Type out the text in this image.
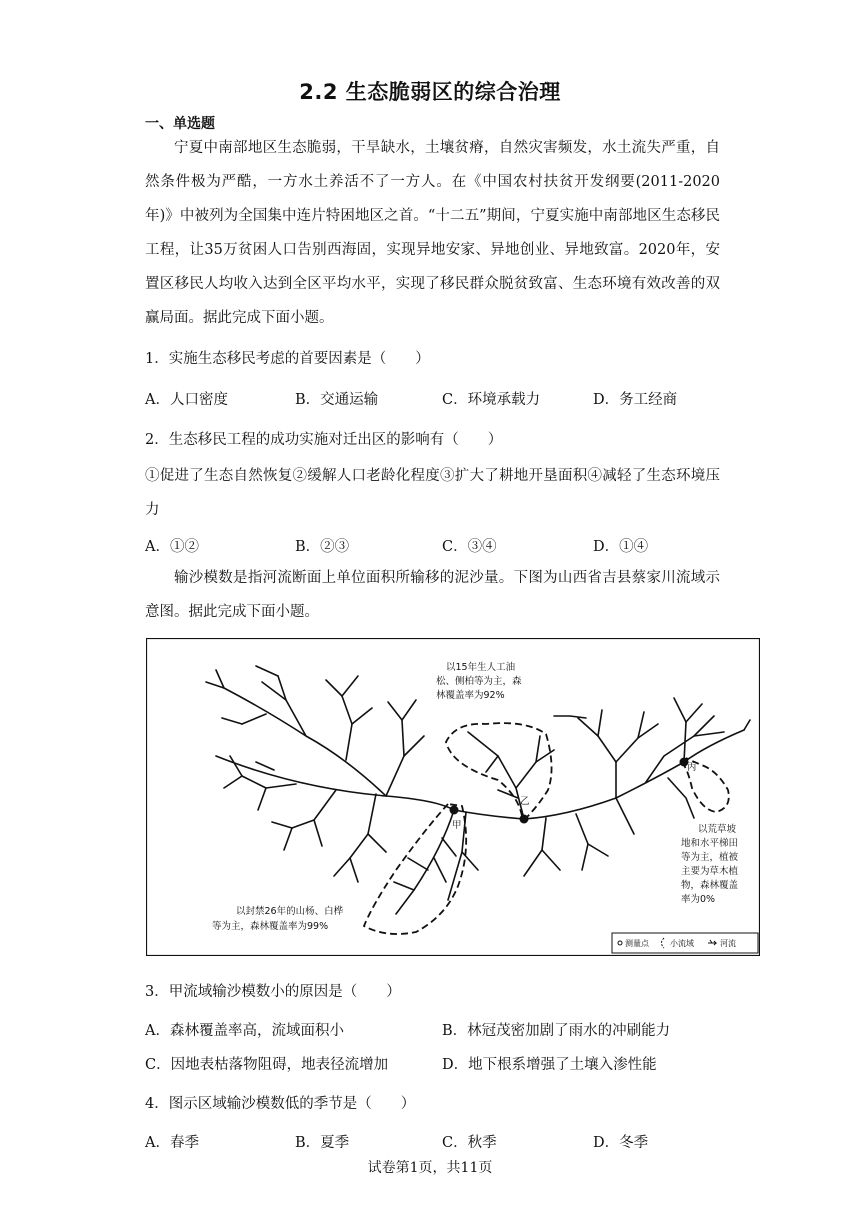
2.2 生态脆弱区的综合治理
一、单选题
宁夏中南部地区生态脆弱，干旱缺水，土壤贫瘠，自然灾害频发，水土流失严重，自然条件极为严酷，一方水土养活不了一方人。在《中国农村扶贫开发纲要(2011-2020年)》中被列为全国集中连片特困地区之首。“十二五”期间，宁夏实施中南部地区生态移民工程，让35万贫困人口告别西海固，实现异地安家、异地创业、异地致富。2020年，安置区移民人均收入达到全区平均水平，实现了移民群众脱贫致富、生态环境有效改善的双赢局面。据此完成下面小题。
1．实施生态移民考虑的首要因素是（　　）
A．人口密度	B．交通运输	C．环境承载力	D．务工经商
2．生态移民工程的成功实施对迁出区的影响有（　　）
①促进了生态自然恢复②缓解人口老龄化程度③扩大了耕地开垦面积④减轻了生态环境压力
A．①②	B．②③	C．③④	D．①④
输沙模数是指河流断面上单位面积所输移的泥沙量。下图为山西省吉县蔡家川流域示意图。据此完成下面小题。
甲
乙
丙
以15年生人工油
松、侧柏等为主，森
林覆盖率为92%
以封禁26年的山杨、白桦
等为主，森林覆盖率为99%
以荒草坡
地和水平梯田
等为主，植被
主要为草木植
物，森林覆盖
率为0%
测量点	小流域	河流
3．甲流域输沙模数小的原因是（　　）
A．森林覆盖率高，流域面积小	B．林冠茂密加剧了雨水的冲刷能力
C．因地表枯落物阻碍，地表径流增加	D．地下根系增强了土壤入渗性能
4．图示区域输沙模数低的季节是（　　）
A．春季	B．夏季	C．秋季	D．冬季
试卷第1页，共11页
